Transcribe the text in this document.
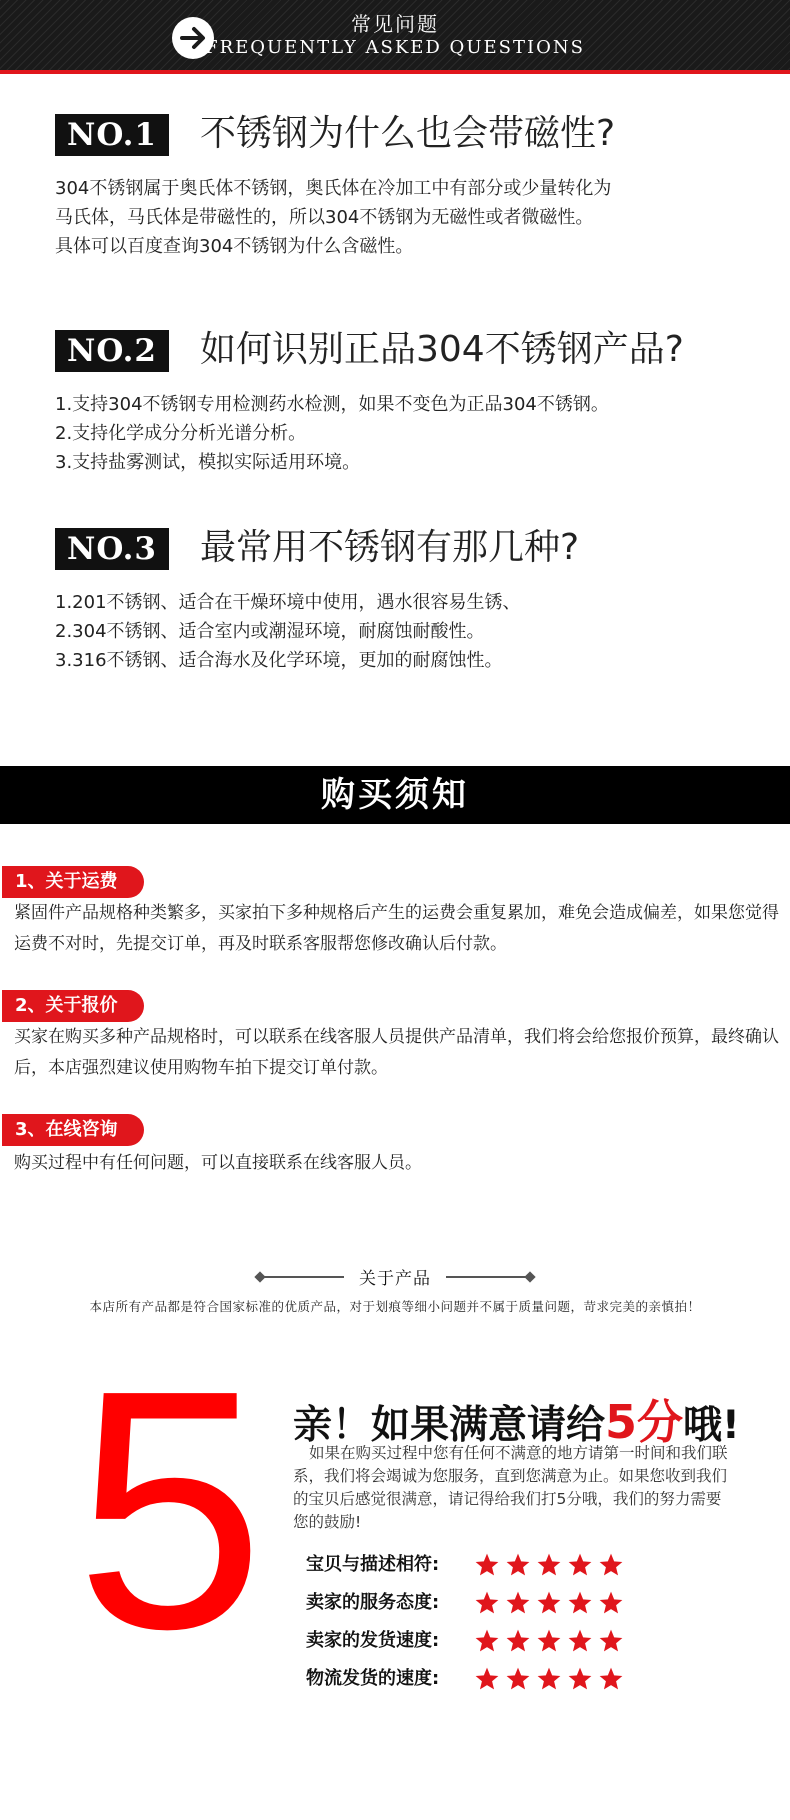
常见问题
FREQUENTLY ASKED QUESTIONS
NO.1	不锈钢为什么也会带磁性?
304不锈钢属于奥氏体不锈钢，奥氏体在冷加工中有部分或少量转化为
马氏体，马氏体是带磁性的，所以304不锈钢为无磁性或者微磁性。
具体可以百度查询304不锈钢为什么含磁性。
NO.2	如何识别正品304不锈钢产品?
1.支持304不锈钢专用检测药水检测，如果不变色为正品304不锈钢。
2.支持化学成分分析光谱分析。
3.支持盐雾测试，模拟实际适用环境。
NO.3	最常用不锈钢有那几种?
1.201不锈钢、适合在干燥环境中使用，遇水很容易生锈、
2.304不锈钢、适合室内或潮湿环境，耐腐蚀耐酸性。
3.316不锈钢、适合海水及化学环境，更加的耐腐蚀性。
购买须知
1、关于运费
紧固件产品规格种类繁多，买家拍下多种规格后产生的运费会重复累加，难免会造成偏差，如果您觉得运费不对时，先提交订单，再及时联系客服帮您修改确认后付款。
2、关于报价
买家在购买多种产品规格时，可以联系在线客服人员提供产品清单，我们将会给您报价预算，最终确认后，本店强烈建议使用购物车拍下提交订单付款。
3、在线咨询
购买过程中有任何问题，可以直接联系在线客服人员。
关于产品
本店所有产品都是符合国家标准的优质产品，对于划痕等细小问题并不属于质量问题，苛求完美的亲慎拍！
5 亲！如果满意请给5分哦!
如果在购买过程中您有任何不满意的地方请第一时间和我们联系，我们将会竭诚为您服务，直到您满意为止。如果您收到我们的宝贝后感觉很满意，请记得给我们打5分哦，我们的努力需要您的鼓励!
宝贝与描述相符:
卖家的服务态度:
卖家的发货速度:
物流发货的速度:
